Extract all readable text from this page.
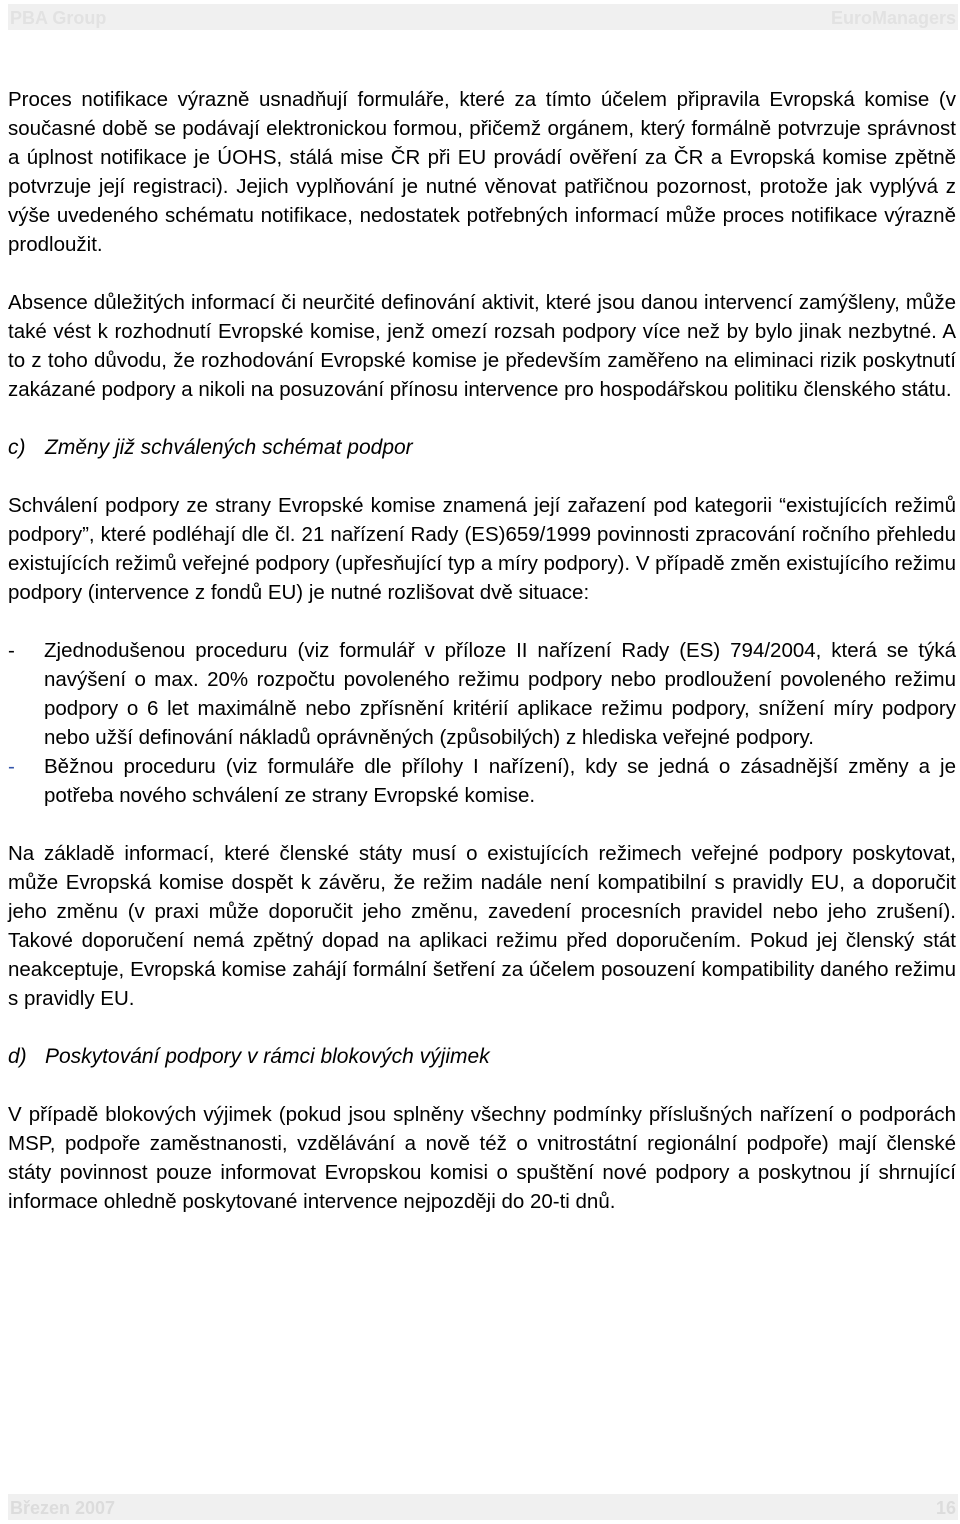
PBA Group	EuroManagers

Proces notifikace výrazně usnadňují formuláře, které za tímto účelem připravila Evropská komise (v současné době se podávají elektronickou formou, přičemž orgánem, který formálně potvrzuje správnost a úplnost notifikace je ÚOHS, stálá mise ČR při EU provádí ověření za ČR a Evropská komise zpětně potvrzuje její registraci). Jejich vyplňování je nutné věnovat patřičnou pozornost, protože jak vyplývá z výše uvedeného schématu notifikace, nedostatek potřebných informací může proces notifikace výrazně prodloužit.

Absence důležitých informací či neurčité definování aktivit, které jsou danou intervencí zamýšleny, může také vést k rozhodnutí Evropské komise, jenž omezí rozsah podpory více než by bylo jinak nezbytné. A to z toho důvodu, že rozhodování Evropské komise je především zaměřeno na eliminaci rizik poskytnutí zakázané podpory a nikoli na posuzování přínosu intervence pro hospodářskou politiku členského státu.

c) Změny již schválených schémat podpor

Schválení podpory ze strany Evropské komise znamená její zařazení pod kategorii “existujících režimů podpory”, které podléhají dle čl. 21 nařízení Rady (ES)659/1999 povinnosti zpracování ročního přehledu existujících režimů veřejné podpory (upřesňující typ a míry podpory). V případě změn existujícího režimu podpory (intervence z fondů EU) je nutné rozlišovat dvě situace:

- Zjednodušenou proceduru (viz formulář v příloze II nařízení Rady (ES) 794/2004, která se týká navýšení o max. 20% rozpočtu povoleného režimu podpory nebo prodloužení povoleného režimu podpory o 6 let maximálně nebo zpřísnění kritérií aplikace režimu podpory, snížení míry podpory nebo užší definování nákladů oprávněných (způsobilých) z hlediska veřejné podpory.
- Běžnou proceduru (viz formuláře dle přílohy I nařízení), kdy se jedná o zásadnější změny a je potřeba nového schválení ze strany Evropské komise.

Na základě informací, které členské státy musí o existujících režimech veřejné podpory poskytovat, může Evropská komise dospět k závěru, že režim nadále není kompatibilní s pravidly EU, a doporučit jeho změnu (v praxi může doporučit jeho změnu, zavedení procesních pravidel nebo jeho zrušení). Takové doporučení nemá zpětný dopad na aplikaci režimu před doporučením. Pokud jej členský stát neakceptuje, Evropská komise zahájí formální šetření za účelem posouzení kompatibility daného režimu s pravidly EU.

d) Poskytování podpory v rámci blokových výjimek

V případě blokových výjimek (pokud jsou splněny všechny podmínky příslušných nařízení o podporách MSP, podpoře zaměstnanosti, vzdělávání a nově též o vnitrostátní regionální podpoře) mají členské státy povinnost pouze informovat Evropskou komisi o spuštění nové podpory a poskytnou jí shrnující informace ohledně poskytované intervence nejpozději do 20-ti dnů.

Březen 2007	16
